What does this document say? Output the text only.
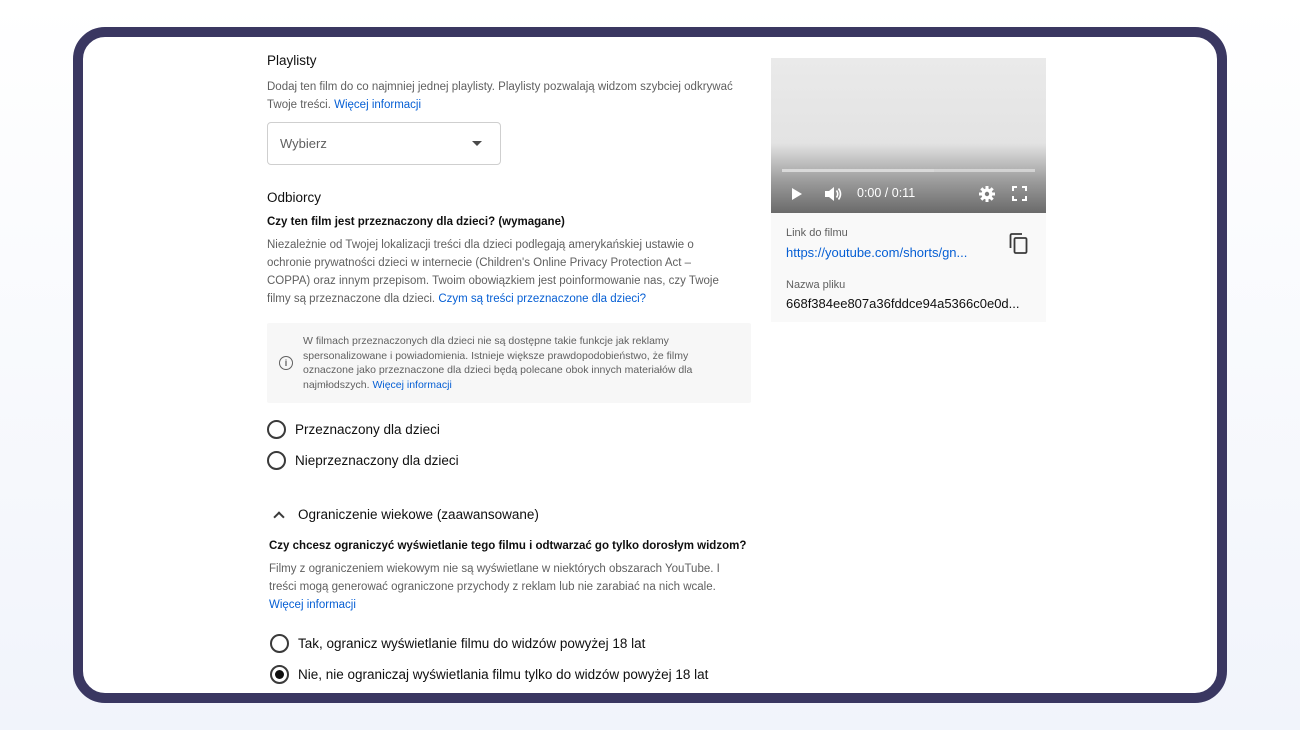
Playlisty
Dodaj ten film do co najmniej jednej playlisty. Playlisty pozwalają widzom szybciej odkrywać Twoje treści. Więcej informacji
Wybierz
Odbiorcy
Czy ten film jest przeznaczony dla dzieci? (wymagane)
Niezależnie od Twojej lokalizacji treści dla dzieci podlegają amerykańskiej ustawie o ochronie prywatności dzieci w internecie (Children's Online Privacy Protection Act – COPPA) oraz innym przepisom. Twoim obowiązkiem jest poinformowanie nas, czy Twoje filmy są przeznaczone dla dzieci. Czym są treści przeznaczone dla dzieci?
i
W filmach przeznaczonych dla dzieci nie są dostępne takie funkcje jak reklamy spersonalizowane i powiadomienia. Istnieje większe prawdopodobieństwo, że filmy oznaczone jako przeznaczone dla dzieci będą polecane obok innych materiałów dla najmłodszych. Więcej informacji
Przeznaczony dla dzieci
Nieprzeznaczony dla dzieci
Ograniczenie wiekowe (zaawansowane)
Czy chcesz ograniczyć wyświetlanie tego filmu i odtwarzać go tylko dorosłym widzom?
Filmy z ograniczeniem wiekowym nie są wyświetlane w niektórych obszarach YouTube. I treści mogą generować ograniczone przychody z reklam lub nie zarabiać na nich wcale.
Więcej informacji
Tak, ogranicz wyświetlanie filmu do widzów powyżej 18 lat
Nie, nie ograniczaj wyświetlania filmu tylko do widzów powyżej 18 lat
0:00 / 0:11
Link do filmu
https://youtube.com/shorts/gn...
Nazwa pliku
668f384ee807a36fddce94a5366c0e0d...
